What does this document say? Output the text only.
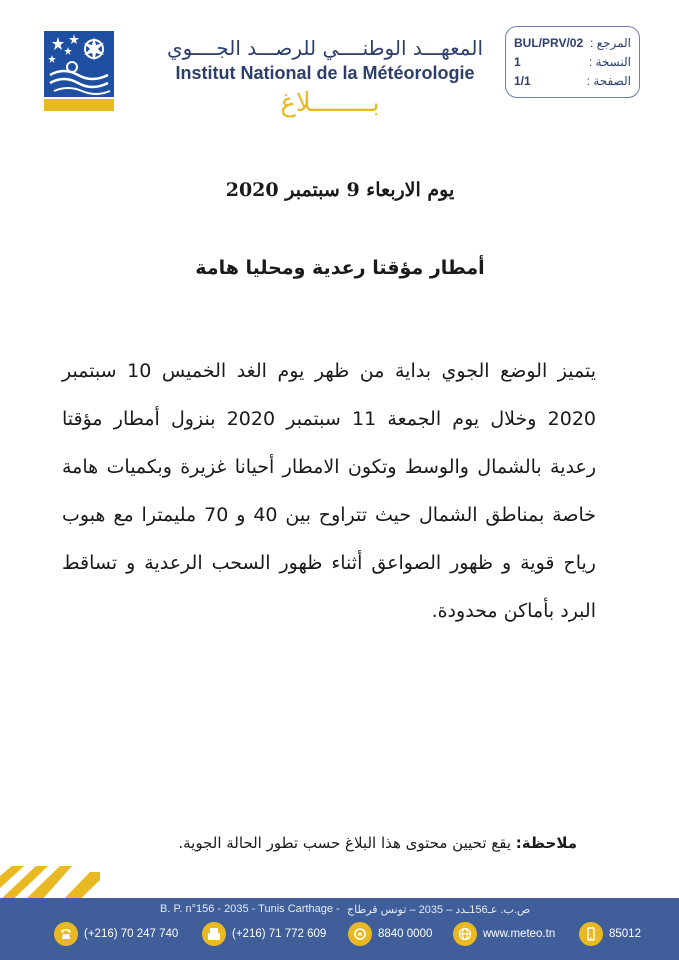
المعهـــد الوطنــــي للرصـــد الجــــوي
Institut National de la Météorologie
بــــــــلاغ
BUL/PRV/02 المرجع :
1	النسخة :
1/1	الصفحة :
يوم الاربعاء 9 سبتمبر 2020
أمطار مؤقتا رعدية ومحليا هامة
يتميز الوضع الجوي بداية من ظهر يوم الغد الخميس 10 سبتمبر 2020 وخلال يوم الجمعة 11 سبتمبر 2020 بنزول أمطار مؤقتا رعدية بالشمال والوسط وتكون الامطار أحيانا غزيرة وبكميات هامة خاصة بمناطق الشمال حيث تتراوح بين 40 و 70 مليمترا مع هبوب رياح قوية و ظهور الصواعق أثناء ظهور السحب الرعدية و تساقط البرد بأماكن محدودة.
ملاحظة: يقع تحيين محتوى هذا البلاغ حسب تطور الحالة الجوية.
B. P. n°156 - 2035 - Tunis Carthage - ص.ب. عـ156ـدد – 2035 – تونس قرطاج
(+216) 70 247 740	(+216) 71 772 609	8840 0000	www.meteo.tn	85012
